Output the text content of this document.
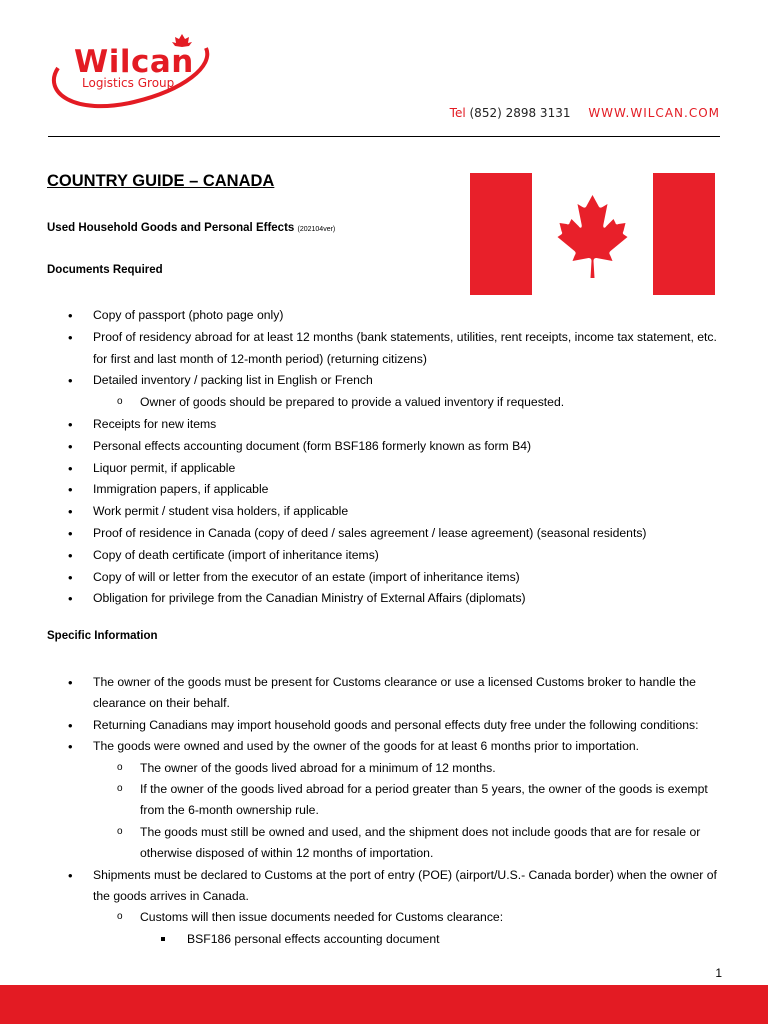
Wilcan
Logistics Group
Tel (852) 2898 3131 WWW.WILCAN.COM
COUNTRY GUIDE – CANADA
Used Household Goods and Personal Effects (202104ver)
Documents Required
• Copy of passport (photo page only)
• Proof of residency abroad for at least 12 months (bank statements, utilities, rent receipts, income tax statement, etc. for first and last month of 12-month period) (returning citizens)
• Detailed inventory / packing list in English or French
o Owner of goods should be prepared to provide a valued inventory if requested.
• Receipts for new items
• Personal effects accounting document (form BSF186 formerly known as form B4)
• Liquor permit, if applicable
• Immigration papers, if applicable
• Work permit / student visa holders, if applicable
• Proof of residence in Canada (copy of deed / sales agreement / lease agreement) (seasonal residents)
• Copy of death certificate (import of inheritance items)
• Copy of will or letter from the executor of an estate (import of inheritance items)
• Obligation for privilege from the Canadian Ministry of External Affairs (diplomats)
Specific Information
• The owner of the goods must be present for Customs clearance or use a licensed Customs broker to handle the clearance on their behalf.
• Returning Canadians may import household goods and personal effects duty free under the following conditions:
• The goods were owned and used by the owner of the goods for at least 6 months prior to importation.
o The owner of the goods lived abroad for a minimum of 12 months.
o If the owner of the goods lived abroad for a period greater than 5 years, the owner of the goods is exempt from the 6-month ownership rule.
o The goods must still be owned and used, and the shipment does not include goods that are for resale or otherwise disposed of within 12 months of importation.
• Shipments must be declared to Customs at the port of entry (POE) (airport/U.S.- Canada border) when the owner of the goods arrives in Canada.
o Customs will then issue documents needed for Customs clearance:
BSF186 personal effects accounting document
1
